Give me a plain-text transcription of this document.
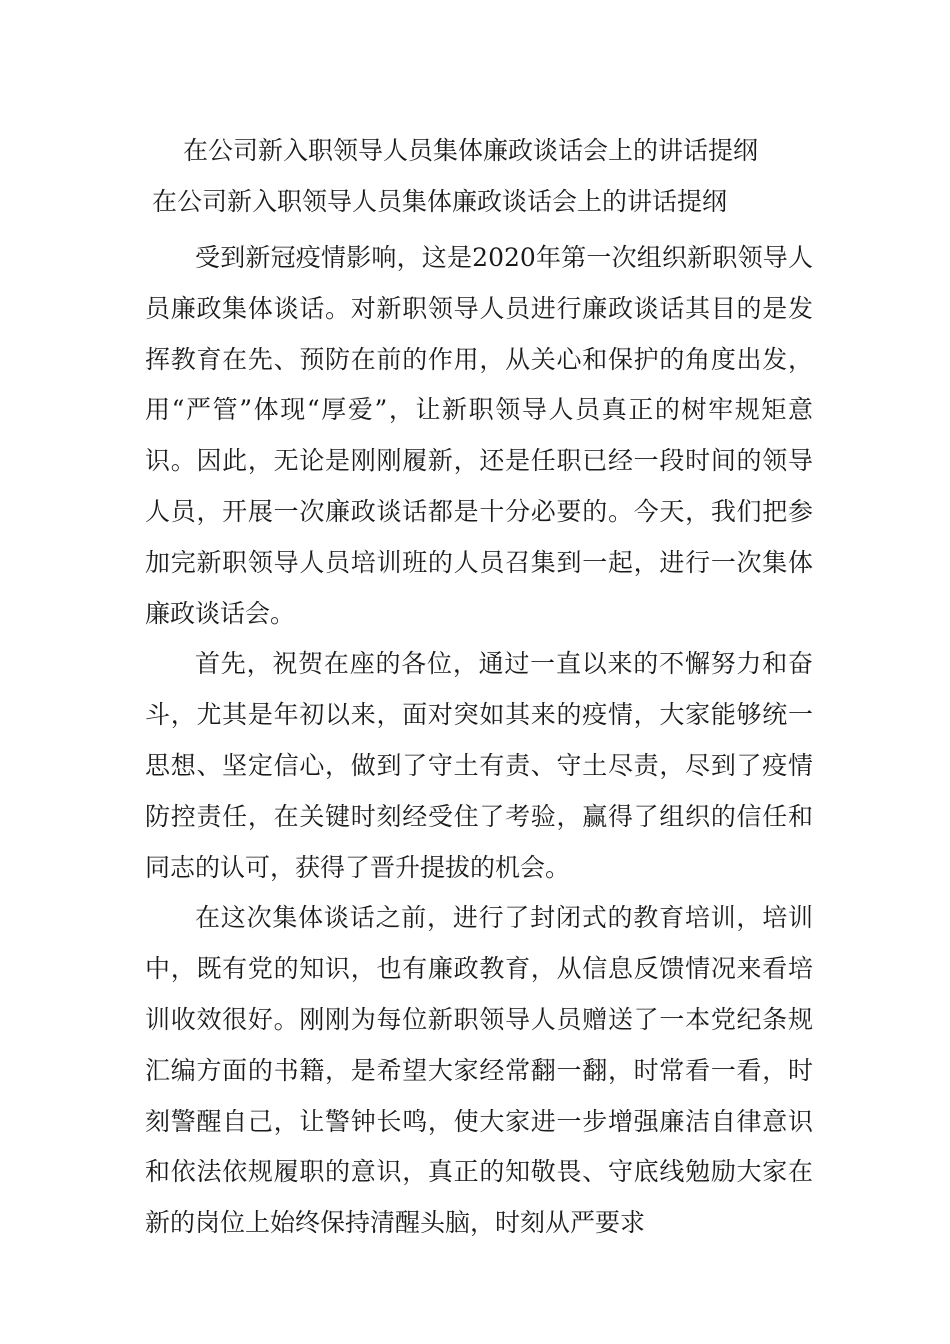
在公司新入职领导人员集体廉政谈话会上的讲话提纲
在公司新入职领导人员集体廉政谈话会上的讲话提纲

受到新冠疫情影响，这是2020年第一次组织新职领导人员廉政集体谈话。对新职领导人员进行廉政谈话其目的是发挥教育在先、预防在前的作用，从关心和保护的角度出发，用“严管”体现“厚爱”，让新职领导人员真正的树牢规矩意识。因此，无论是刚刚履新，还是任职已经一段时间的领导人员，开展一次廉政谈话都是十分必要的。今天，我们把参加完新职领导人员培训班的人员召集到一起，进行一次集体廉政谈话会。

首先，祝贺在座的各位，通过一直以来的不懈努力和奋斗，尤其是年初以来，面对突如其来的疫情，大家能够统一思想、坚定信心，做到了守土有责、守土尽责，尽到了疫情防控责任，在关键时刻经受住了考验，赢得了组织的信任和同志的认可，获得了晋升提拔的机会。

在这次集体谈话之前，进行了封闭式的教育培训，培训中，既有党的知识，也有廉政教育，从信息反馈情况来看培训收效很好。刚刚为每位新职领导人员赠送了一本党纪条规汇编方面的书籍，是希望大家经常翻一翻，时常看一看，时刻警醒自己，让警钟长鸣，使大家进一步增强廉洁自律意识和依法依规履职的意识，真正的知敬畏、守底线勉励大家在新的岗位上始终保持清醒头脑，时刻从严要求
